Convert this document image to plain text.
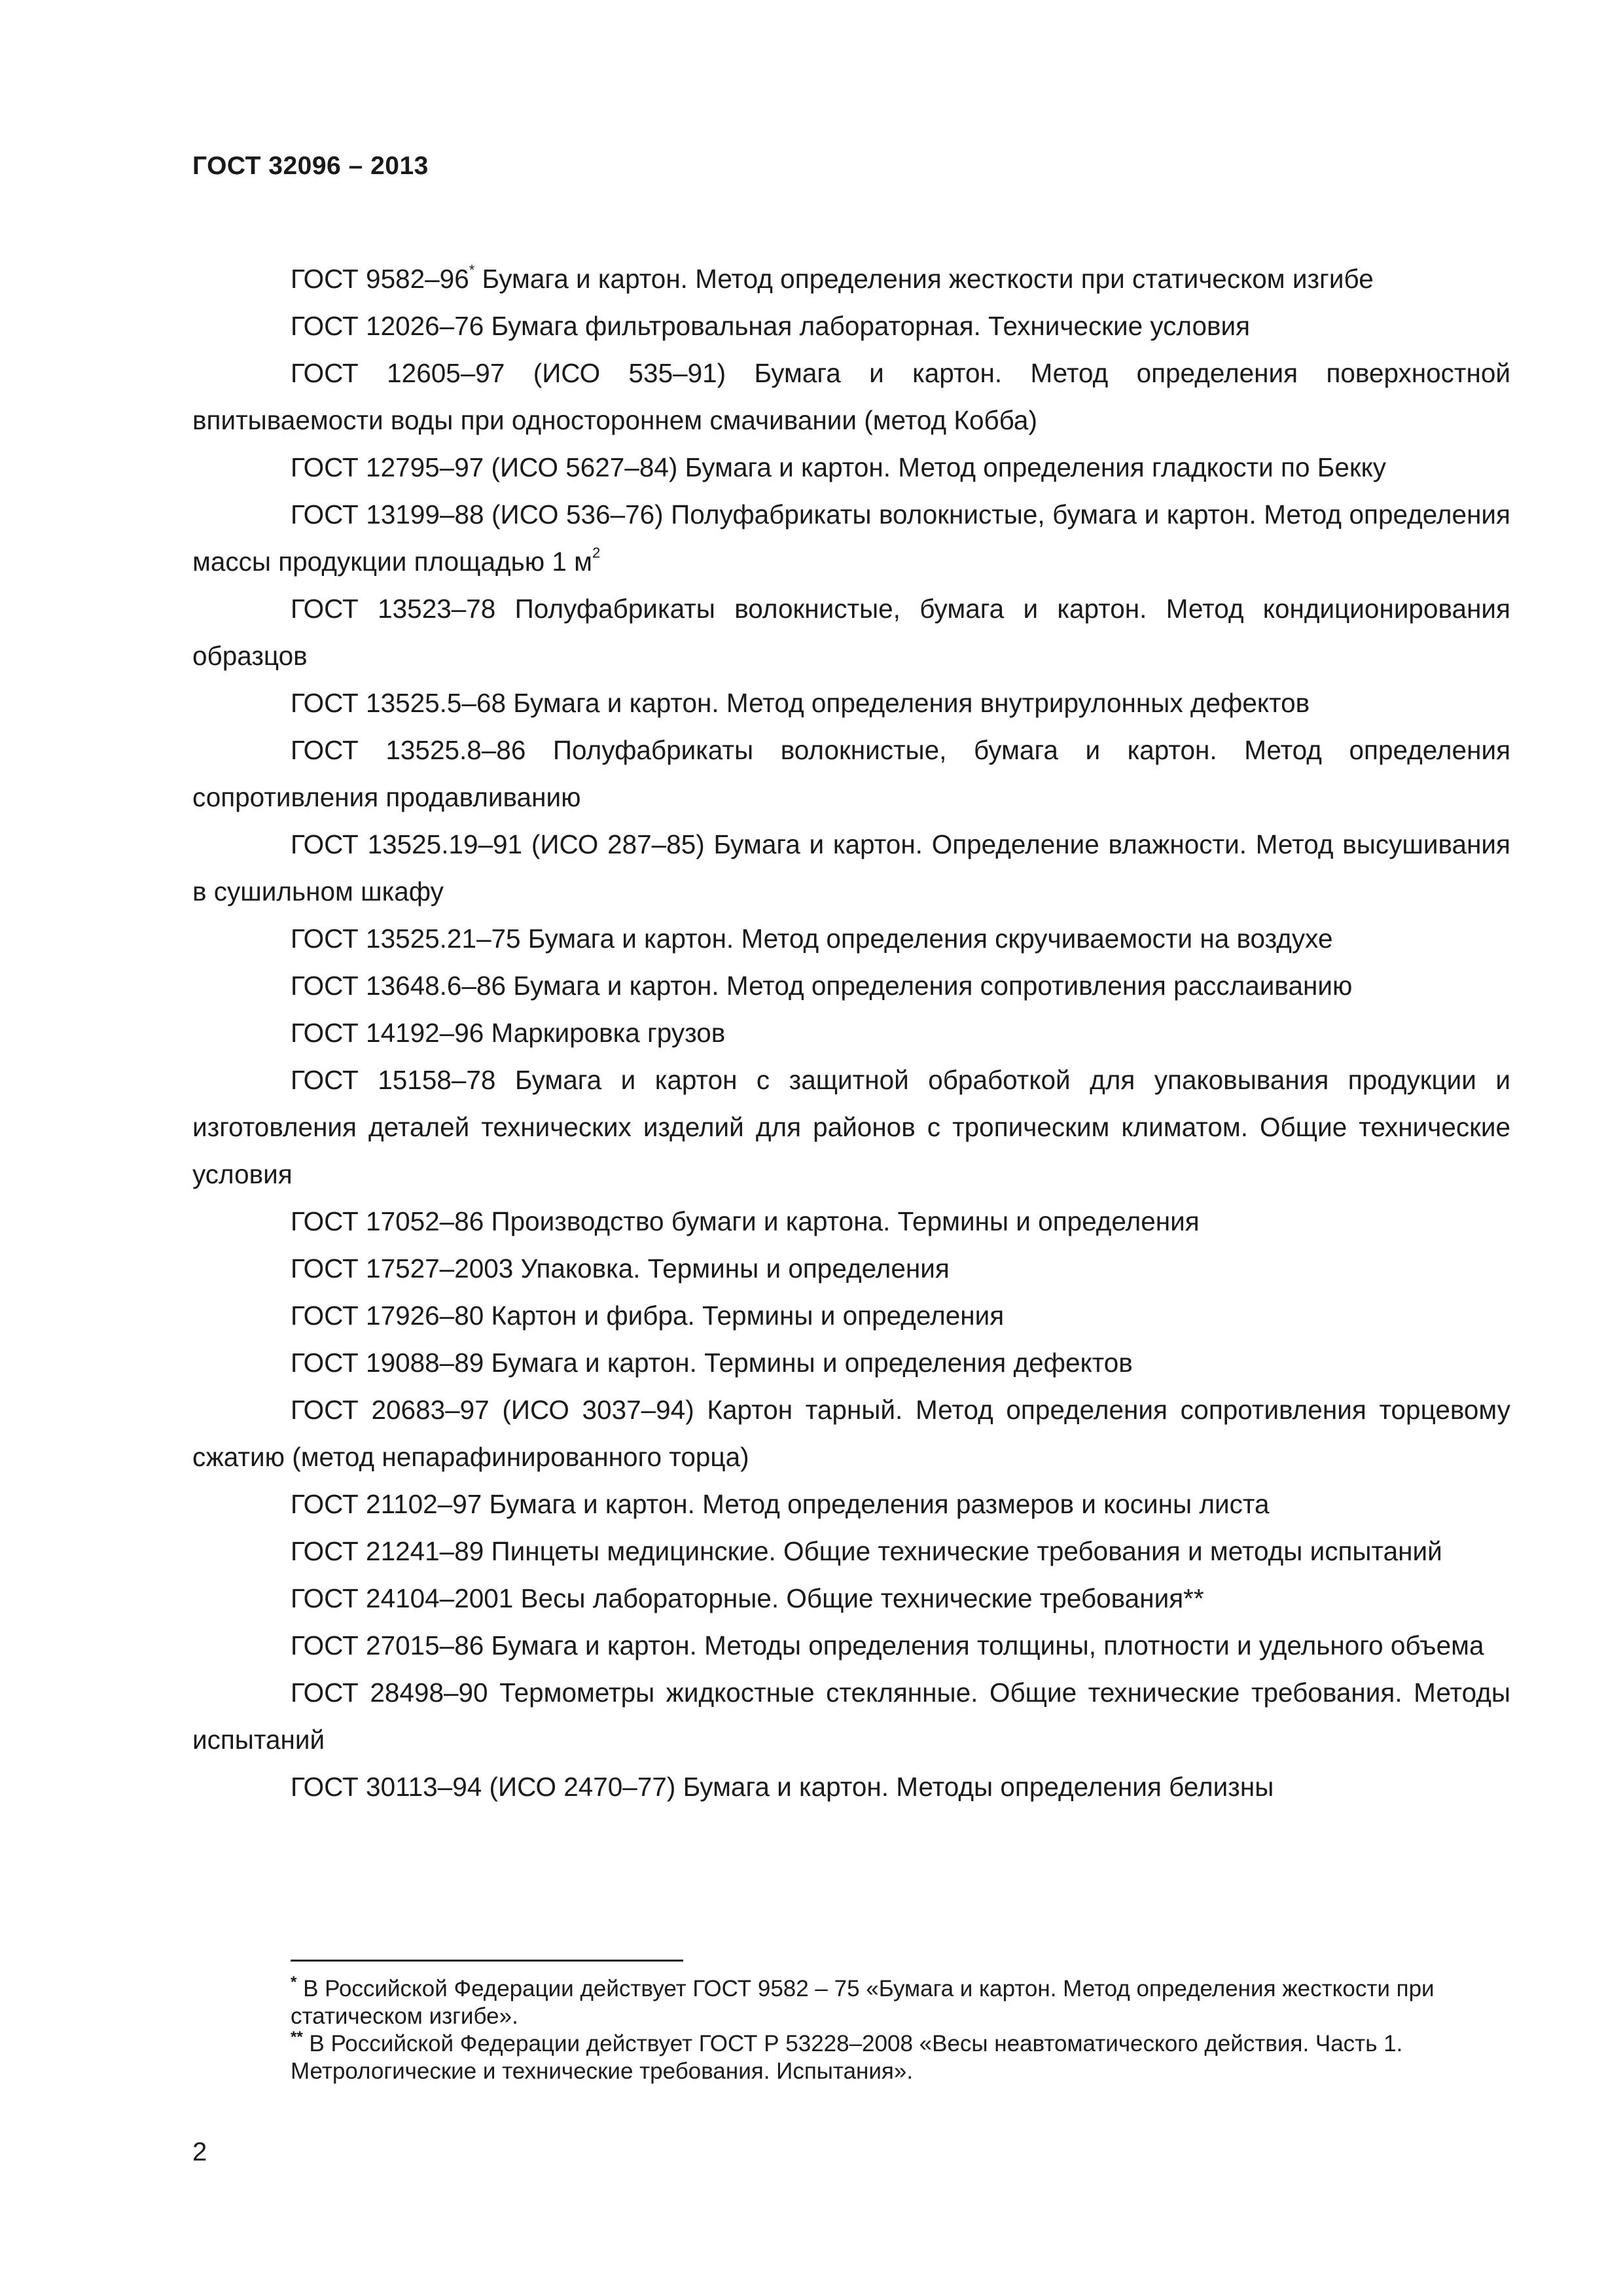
ГОСТ 32096 – 2013

ГОСТ 9582–96* Бумага и картон. Метод определения жесткости при статическом изгибе

ГОСТ 12026–76 Бумага фильтровальная лабораторная. Технические условия

ГОСТ 12605–97 (ИСО 535–91) Бумага и картон. Метод определения поверхностной впитываемости воды при одностороннем смачивании (метод Кобба)

ГОСТ 12795–97 (ИСО 5627–84) Бумага и картон. Метод определения гладкости по Бекку

ГОСТ 13199–88 (ИСО 536–76) Полуфабрикаты волокнистые, бумага и картон. Метод определения массы продукции площадью 1 $м^2$

ГОСТ 13523–78 Полуфабрикаты волокнистые, бумага и картон. Метод кондиционирования образцов

ГОСТ 13525.5–68 Бумага и картон. Метод определения внутрирулонных дефектов

ГОСТ 13525.8–86 Полуфабрикаты волокнистые, бумага и картон. Метод определения сопротивления продавливанию

ГОСТ 13525.19–91 (ИСО 287–85) Бумага и картон. Определение влажности. Метод высушивания в сушильном шкафу

ГОСТ 13525.21–75 Бумага и картон. Метод определения скручиваемости на воздухе

ГОСТ 13648.6–86 Бумага и картон. Метод определения сопротивления расслаиванию

ГОСТ 14192–96 Маркировка грузов

ГОСТ 15158–78 Бумага и картон с защитной обработкой для упаковывания продукции и изготовления деталей технических изделий для районов с тропическим климатом. Общие технические условия

ГОСТ 17052–86 Производство бумаги и картона. Термины и определения

ГОСТ 17527–2003 Упаковка. Термины и определения

ГОСТ 17926–80 Картон и фибра. Термины и определения

ГОСТ 19088–89 Бумага и картон. Термины и определения дефектов

ГОСТ 20683–97 (ИСО 3037–94) Картон тарный. Метод определения сопротивления торцевому сжатию (метод непарафинированного торца)

ГОСТ 21102–97 Бумага и картон. Метод определения размеров и косины листа

ГОСТ 21241–89 Пинцеты медицинские. Общие технические требования и методы испытаний

ГОСТ 24104–2001 Весы лабораторные. Общие технические требования**

ГОСТ 27015–86 Бумага и картон. Методы определения толщины, плотности и удельного объема

ГОСТ 28498–90 Термометры жидкостные стеклянные. Общие технические требования. Методы испытаний

ГОСТ 30113–94 (ИСО 2470–77) Бумага и картон. Методы определения белизны

* В Российской Федерации действует ГОСТ 9582 – 75 «Бумага и картон. Метод определения жесткости при статическом изгибе».

** В Российской Федерации действует ГОСТ Р 53228–2008 «Весы неавтоматического действия. Часть 1. Метрологические и технические требования. Испытания».

2
